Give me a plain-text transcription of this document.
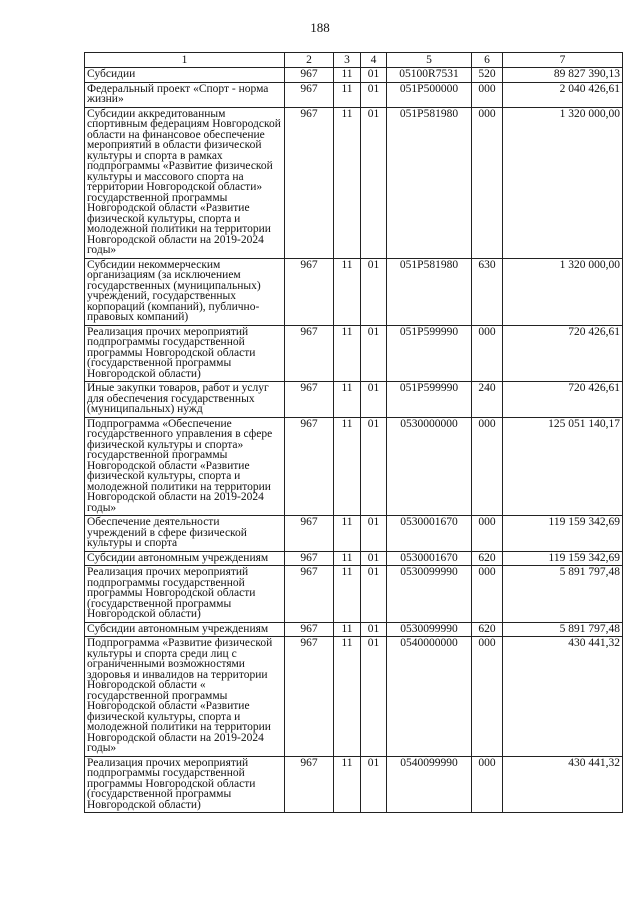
188
1	2	3	4	5	6	7
Субсидии	967	11	01	05100R7531	520	89 827 390,13
Федеральный проект «Спорт - норма жизни»	967	11	01	051P500000	000	2 040 426,61
Субсидии аккредитованным спортивным федерациям Новгородской области на финансовое обеспечение мероприятий в области физической культуры и спорта в рамках подпрограммы «Развитие физической культуры и массового спорта на территории Новгородской области» государственной программы Новгородской области «Развитие физической культуры, спорта и молодежной политики на территории Новгородской области на 2019-2024 годы»	967	11	01	051P581980	000	1 320 000,00
Субсидии некоммерческим организациям (за исключением государственных (муниципальных) учреждений, государственных корпораций (компаний), публично-правовых компаний)	967	11	01	051P581980	630	1 320 000,00
Реализация прочих мероприятий подпрограммы государственной программы Новгородской области (государственной программы Новгородской области)	967	11	01	051P599990	000	720 426,61
Иные закупки товаров, работ и услуг для обеспечения государственных (муниципальных) нужд	967	11	01	051P599990	240	720 426,61
Подпрограмма «Обеспечение государственного управления в сфере физической культуры и спорта» государственной программы Новгородской области «Развитие физической культуры, спорта и молодежной политики на территории Новгородской области на 2019-2024 годы»	967	11	01	0530000000	000	125 051 140,17
Обеспечение деятельности учреждений в сфере физической культуры и спорта	967	11	01	0530001670	000	119 159 342,69
Субсидии автономным учреждениям	967	11	01	0530001670	620	119 159 342,69
Реализация прочих мероприятий подпрограммы государственной программы Новгородской области (государственной программы Новгородской области)	967	11	01	0530099990	000	5 891 797,48
Субсидии автономным учреждениям	967	11	01	0530099990	620	5 891 797,48
Подпрограмма «Развитие физической культуры и спорта среди лиц с ограниченными возможностями здоровья и инвалидов на территории Новгородской области « государственной программы Новгородской области «Развитие физической культуры, спорта и молодежной политики на территории Новгородской области на 2019-2024 годы»	967	11	01	0540000000	000	430 441,32
Реализация прочих мероприятий подпрограммы государственной программы Новгородской области (государственной программы Новгородской области)	967	11	01	0540099990	000	430 441,32
